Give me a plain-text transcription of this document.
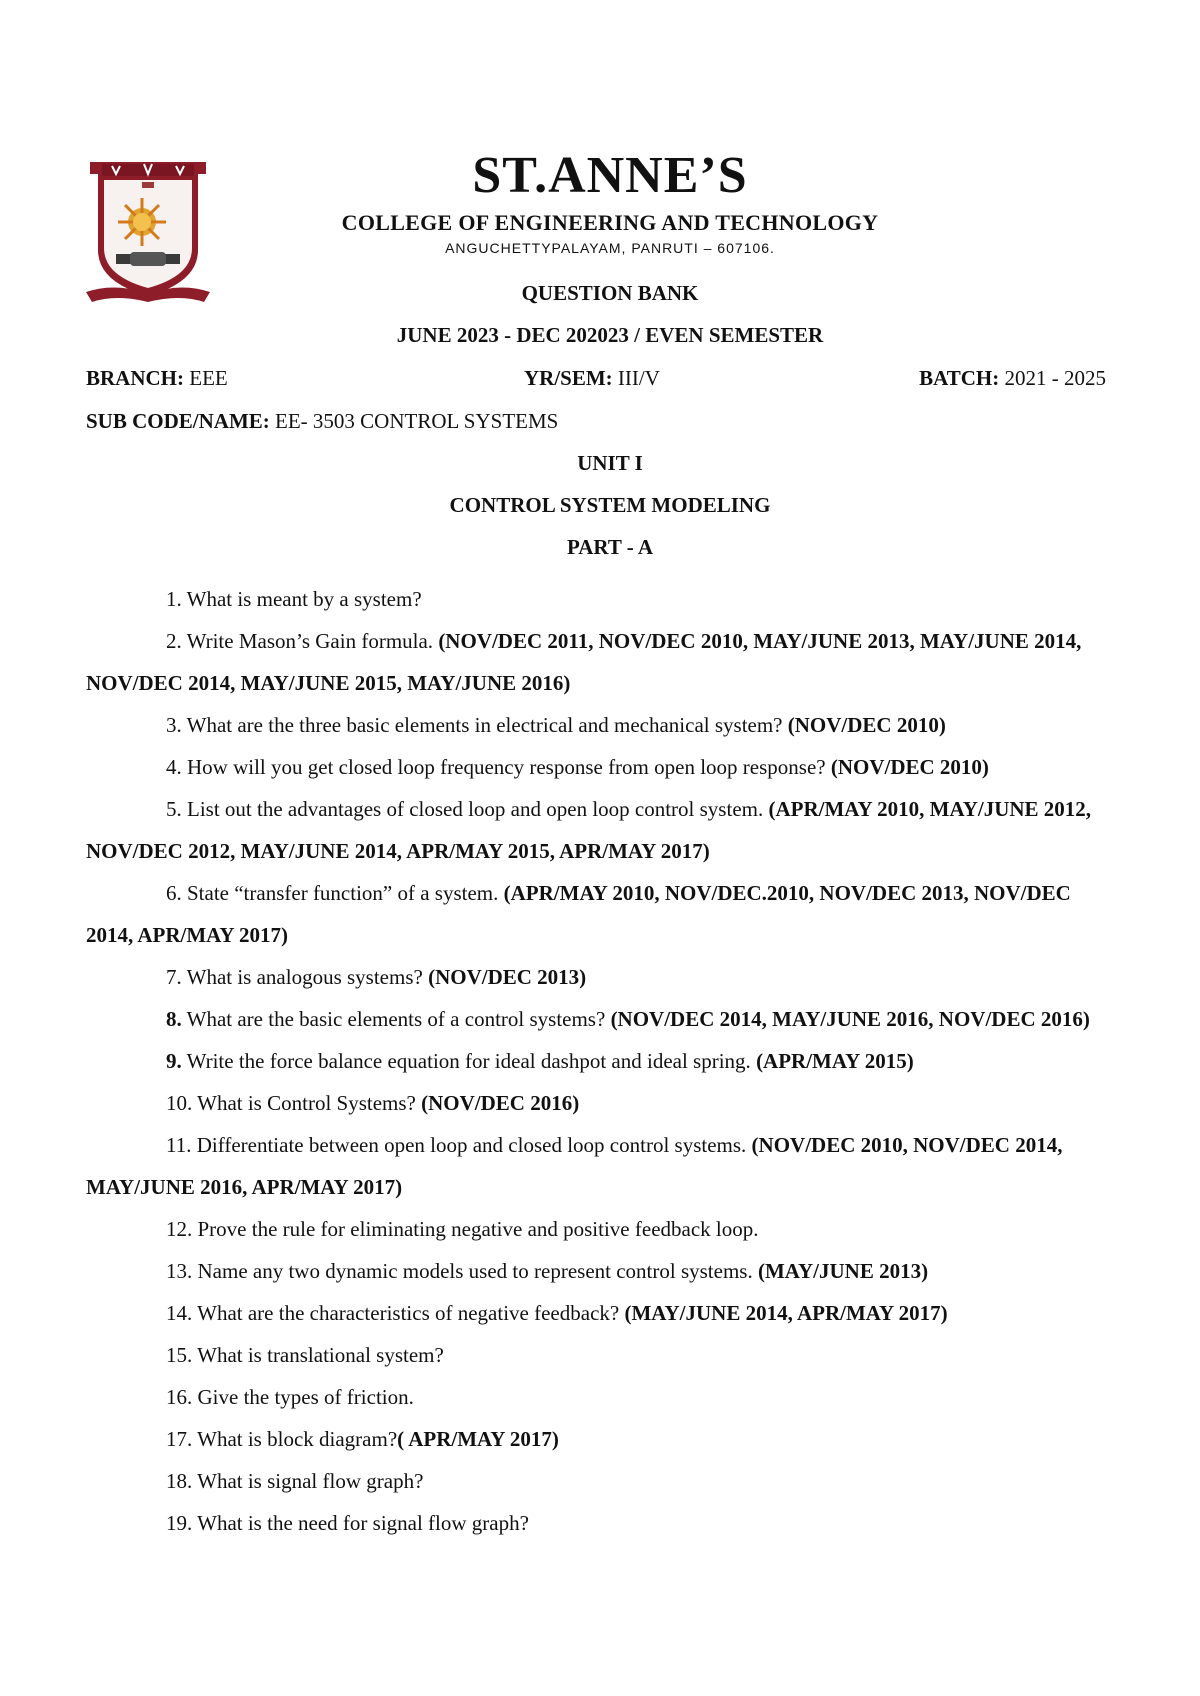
ST.ANNE’S
COLLEGE OF ENGINEERING AND TECHNOLOGY
ANGUCHETTYPALAYAM, PANRUTI – 607106.
QUESTION BANK
JUNE 2023 - DEC 202023 / EVEN SEMESTER
BRANCH: EEE	YR/SEM: III/V	BATCH: 2021 - 2025
SUB CODE/NAME: EE- 3503 CONTROL SYSTEMS
UNIT I
CONTROL SYSTEM MODELING
PART - A
1. What is meant by a system?
2. Write Mason’s Gain formula. (NOV/DEC 2011, NOV/DEC 2010, MAY/JUNE 2013, MAY/JUNE 2014, NOV/DEC 2014, MAY/JUNE 2015, MAY/JUNE 2016)
3. What are the three basic elements in electrical and mechanical system? (NOV/DEC 2010)
4. How will you get closed loop frequency response from open loop response? (NOV/DEC 2010)
5. List out the advantages of closed loop and open loop control system. (APR/MAY 2010, MAY/JUNE 2012, NOV/DEC 2012, MAY/JUNE 2014, APR/MAY 2015, APR/MAY 2017)
6. State “transfer function” of a system. (APR/MAY 2010, NOV/DEC.2010, NOV/DEC 2013, NOV/DEC 2014, APR/MAY 2017)
7. What is analogous systems? (NOV/DEC 2013)
8. What are the basic elements of a control systems? (NOV/DEC 2014, MAY/JUNE 2016, NOV/DEC 2016)
9. Write the force balance equation for ideal dashpot and ideal spring. (APR/MAY 2015)
10. What is Control Systems? (NOV/DEC 2016)
11. Differentiate between open loop and closed loop control systems. (NOV/DEC 2010, NOV/DEC 2014, MAY/JUNE 2016, APR/MAY 2017)
12. Prove the rule for eliminating negative and positive feedback loop.
13. Name any two dynamic models used to represent control systems. (MAY/JUNE 2013)
14. What are the characteristics of negative feedback? (MAY/JUNE 2014, APR/MAY 2017)
15. What is translational system?
16. Give the types of friction.
17. What is block diagram?( APR/MAY 2017)
18. What is signal flow graph?
19. What is the need for signal flow graph?
